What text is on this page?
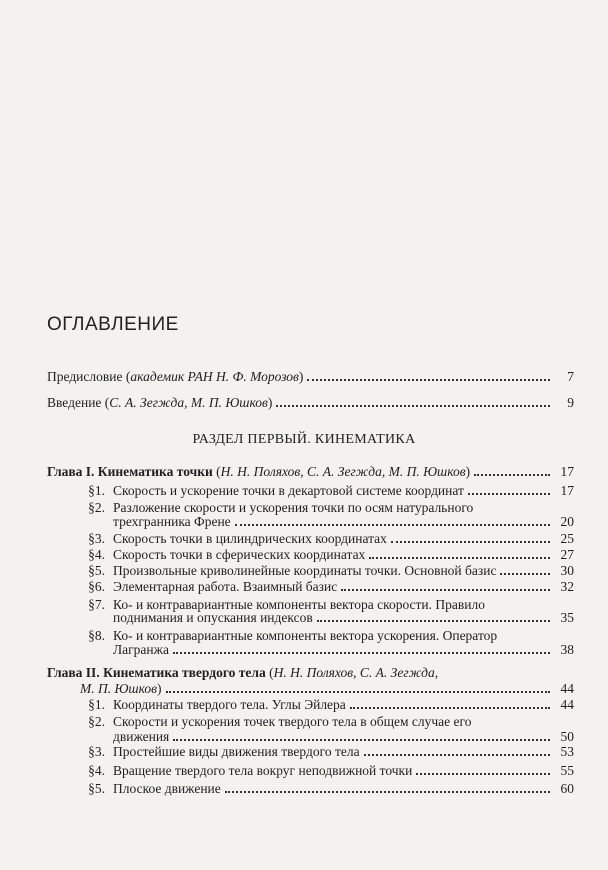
ОГЛАВЛЕНИЕ
Предисловие (академик РАН Н. Ф. Морозов)	7
Введение (С. А. Зегжда, М. П. Юшков)	9
РАЗДЕЛ ПЕРВЫЙ. КИНЕМАТИКА
Глава I. Кинематика точки (Н. Н. Поляхов, С. А. Зегжда, М. П. Юшков)	17
§1. Скорость и ускорение точки в декартовой системе координат	17
§2. Разложение скорости и ускорения точки по осям натурального
трехгранника Френе	20
§3. Скорость точки в цилиндрических координатах	25
§4. Скорость точки в сферических координатах	27
§5. Произвольные криволинейные координаты точки. Основной базис	30
§6. Элементарная работа. Взаимный базис	32
§7. Ко- и контравариантные компоненты вектора скорости. Правило
поднимания и опускания индексов	35
§8. Ко- и контравариантные компоненты вектора ускорения. Оператор
Лагранжа	38
Глава II. Кинематика твердого тела (Н. Н. Поляхов, С. А. Зегжда,
М. П. Юшков)	44
§1. Координаты твердого тела. Углы Эйлера	44
§2. Скорости и ускорения точек твердого тела в общем случае его
движения	50
§3. Простейшие виды движения твердого тела	53
§4. Вращение твердого тела вокруг неподвижной точки	55
§5. Плоское движение	60
